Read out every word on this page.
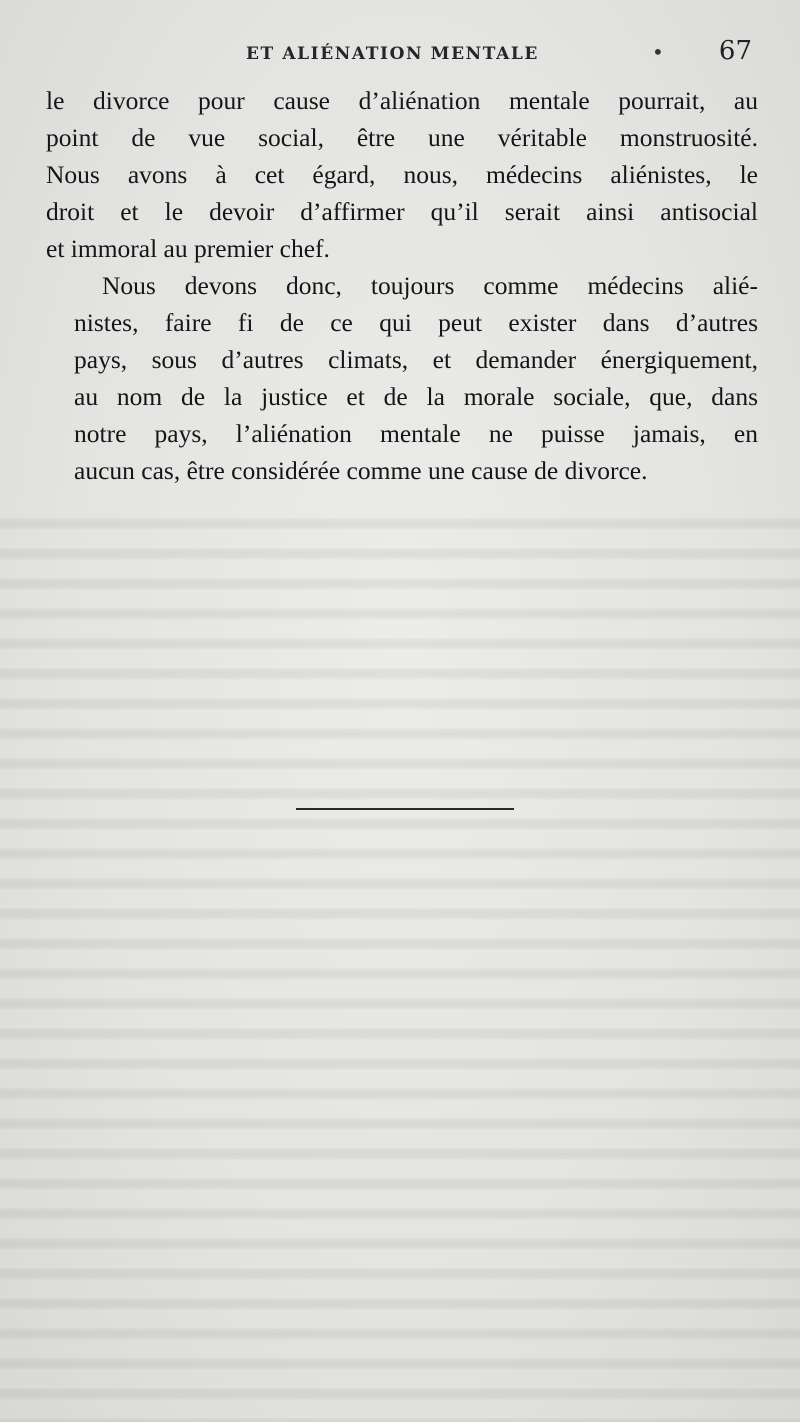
ET ALIÉNATION MENTALE	• 67

le divorce pour cause d’aliénation mentale pourrait, au
point de vue social, être une véritable monstruosité.
Nous avons à cet égard, nous, médecins aliénistes, le
droit et le devoir d’affirmer qu’il serait ainsi antisocial
et immoral au premier chef.

Nous devons donc, toujours comme médecins alié-
nistes, faire fi de ce qui peut exister dans d’autres
pays, sous d’autres climats, et demander énergiquement,
au nom de la justice et de la morale sociale, que, dans
notre pays, l’aliénation mentale ne puisse jamais, en
aucun cas, être considérée comme une cause de divorce.
